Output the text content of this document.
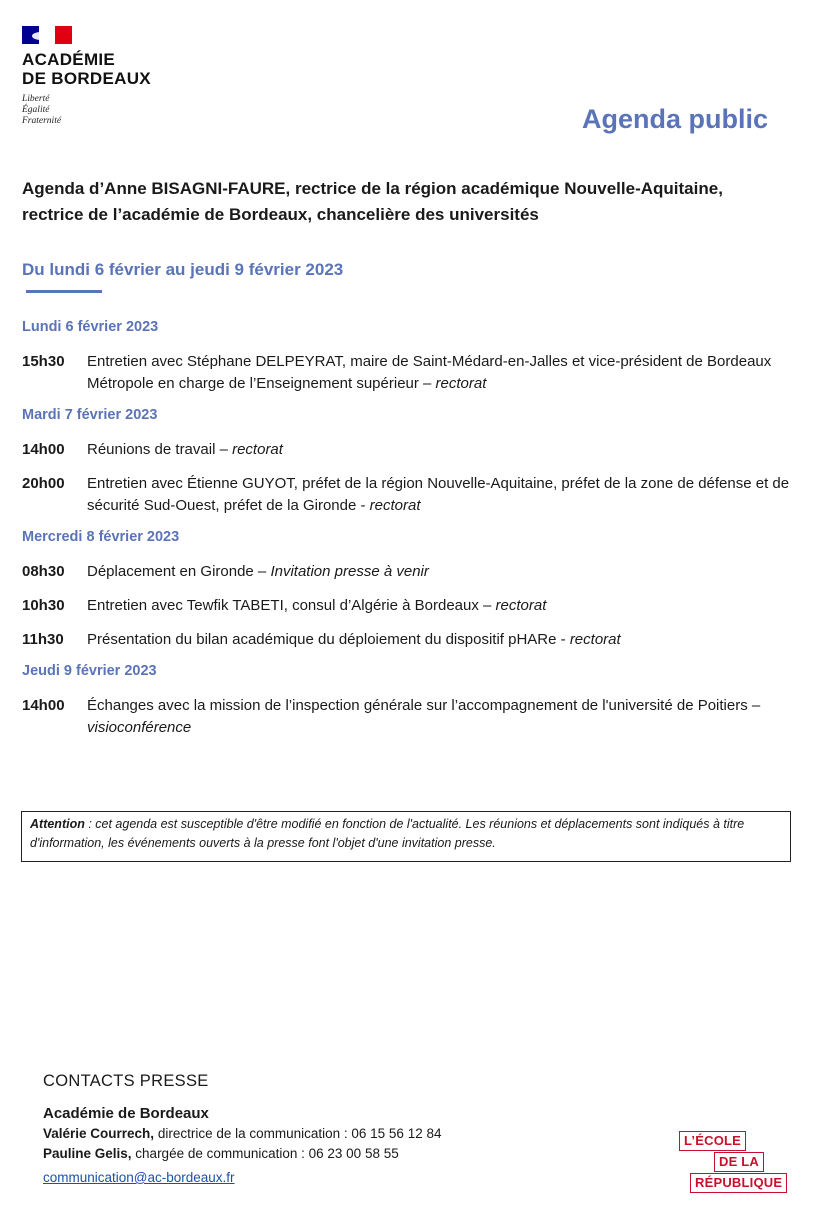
ACADÉMIE
DE BORDEAUX
Liberté
Égalité
Fraternité	Agenda public
Agenda d’Anne BISAGNI-FAURE, rectrice de la région académique Nouvelle-Aquitaine, rectrice de l’académie de Bordeaux, chancelière des universités
Du lundi 6 février au jeudi 9 février 2023
Lundi 6 février 2023
15h30	Entretien avec Stéphane DELPEYRAT, maire de Saint-Médard-en-Jalles et vice-président de Bordeaux Métropole en charge de l’Enseignement supérieur – rectorat
Mardi 7 février 2023
14h00	Réunions de travail – rectorat
20h00	Entretien avec Étienne GUYOT, préfet de la région Nouvelle-Aquitaine, préfet de la zone de défense et de sécurité Sud-Ouest, préfet de la Gironde - rectorat
Mercredi 8 février 2023
08h30	Déplacement en Gironde – Invitation presse à venir
10h30	Entretien avec Tewfik TABETI, consul d’Algérie à Bordeaux – rectorat
11h30	Présentation du bilan académique du déploiement du dispositif pHARe - rectorat
Jeudi 9 février 2023
14h00	Échanges avec la mission de l’inspection générale sur l’accompagnement de l'université de Poitiers – visioconférence
Attention : cet agenda est susceptible d'être modifié en fonction de l'actualité. Les réunions et déplacements sont indiqués à titre d'information, les événements ouverts à la presse font l'objet d'une invitation presse.
CONTACTS PRESSE
Académie de Bordeaux
Valérie Courrech, directrice de la communication : 06 15 56 12 84
Pauline Gelis, chargée de communication : 06 23 00 58 55
communication@ac-bordeaux.fr
L’ÉCOLE
DE LA
RÉPUBLIQUE
